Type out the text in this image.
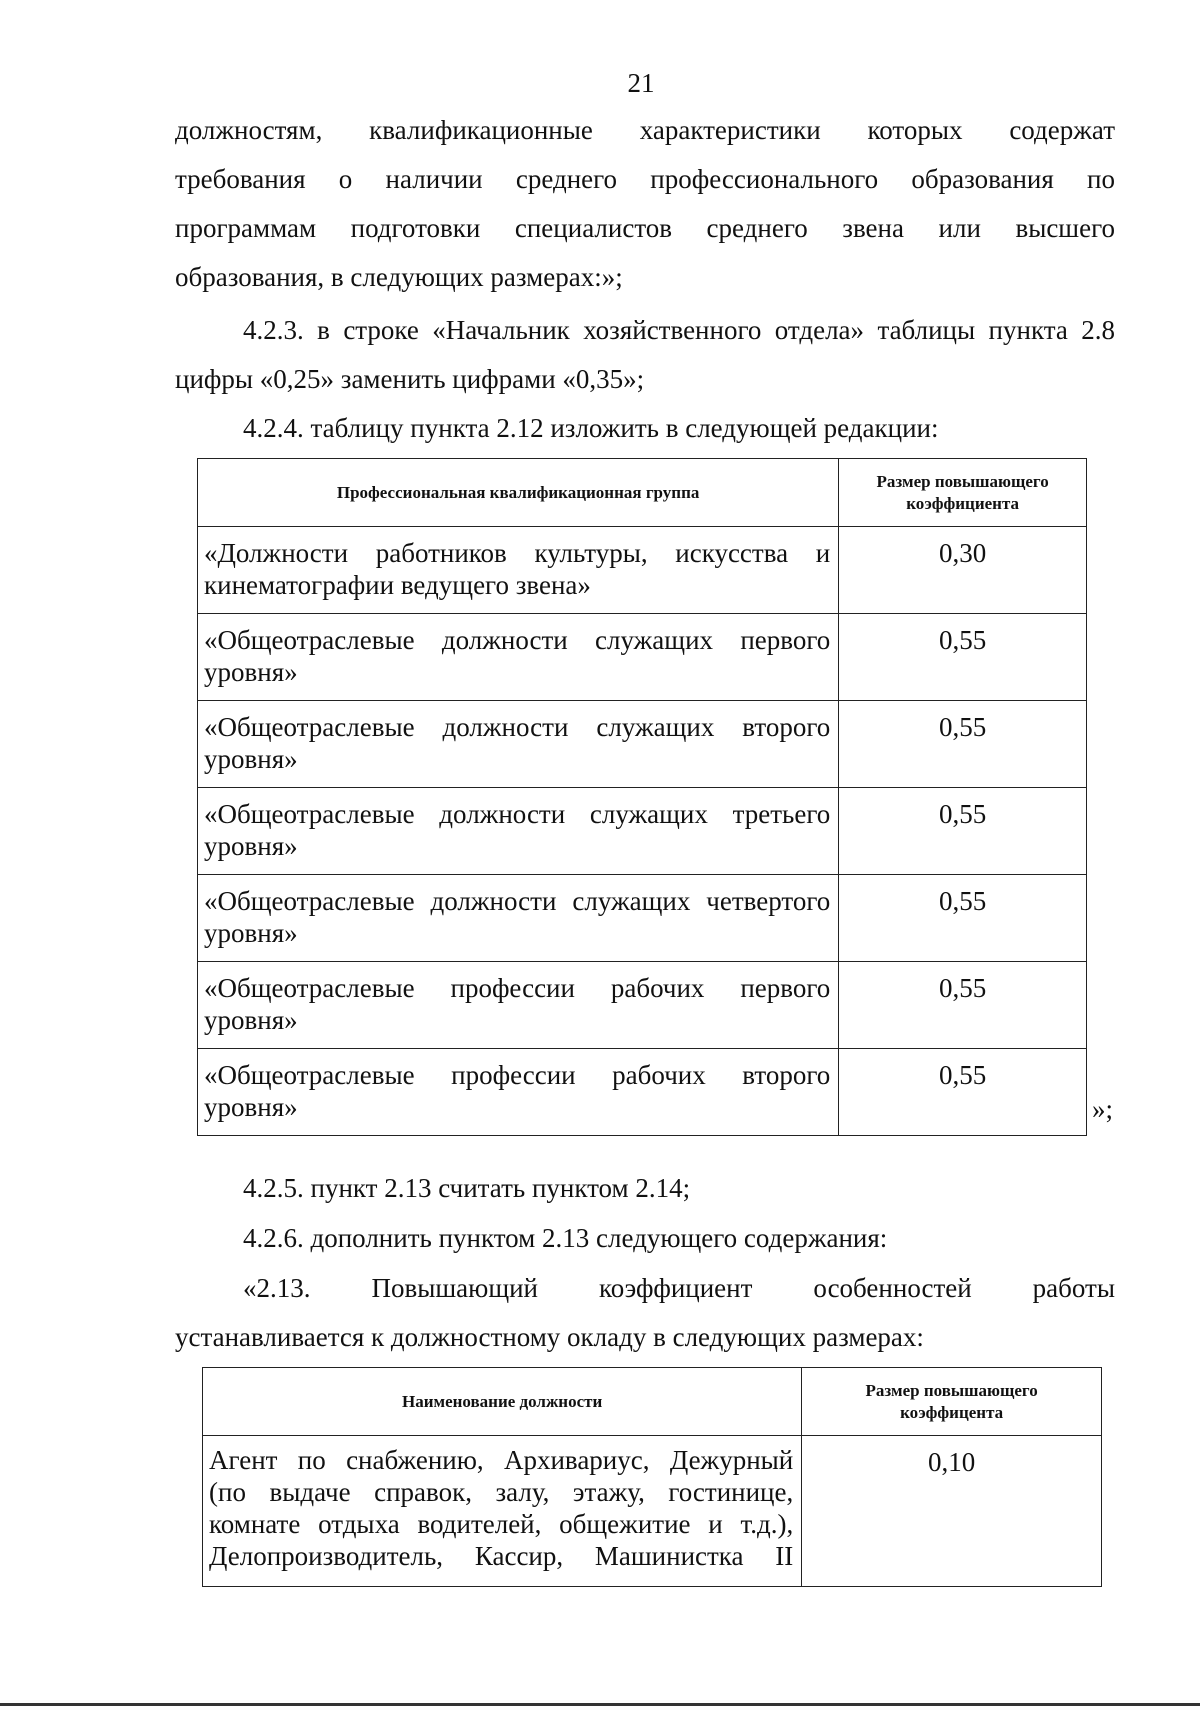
21
должностям, квалификационные характеристики которых содержат
требования о наличии среднего профессионального образования по
программам подготовки специалистов среднего звена или высшего
образования, в следующих размерах:»;
4.2.3. в строке «Начальник хозяйственного отдела» таблицы пункта 2.8
цифры «0,25» заменить цифрами «0,35»;
4.2.4. таблицу пункта 2.12 изложить в следующей редакции:
Профессиональная квалификационная группа	Размер повышающего
коэффициента

«Должности работников культуры, искусства и
кинематографии ведущего звена»	0,30

«Общеотраслевые должности служащих первого
уровня»	0,55

«Общеотраслевые должности служащих второго
уровня»	0,55

«Общеотраслевые должности служащих третьего
уровня»	0,55

«Общеотраслевые должности служащих четвертого
уровня»	0,55

«Общеотраслевые профессии рабочих первого
уровня»	0,55

«Общеотраслевые профессии рабочих второго
уровня»	0,55
»;
4.2.5. пункт 2.13 считать пунктом 2.14;
4.2.6. дополнить пунктом 2.13 следующего содержания:
«2.13. Повышающий коэффициент особенностей работы
устанавливается к должностному окладу в следующих размерах:
Наименование должности	Размер повышающего
коэффицента

Агент по снабжению, Архивариус, Дежурный
(по выдаче справок, залу, этажу, гостинице,
комнате отдыха водителей, общежитие и т.д.),
Делопроизводитель, Кассир, Машинистка II	0,10
